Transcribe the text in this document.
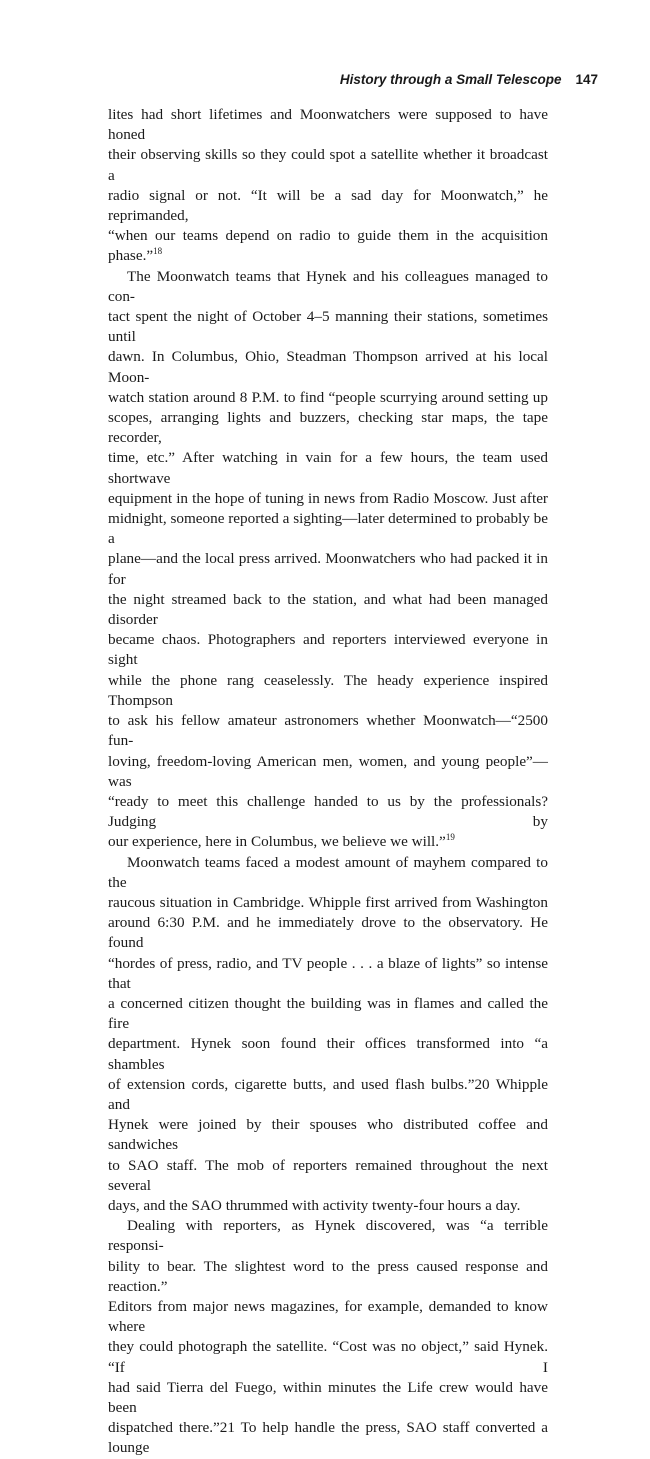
History through a Small Telescope 147

lites had short lifetimes and Moonwatchers were supposed to have honed
their observing skills so they could spot a satellite whether it broadcast a
radio signal or not. “It will be a sad day for Moonwatch,” he reprimanded,
“when our teams depend on radio to guide them in the acquisition phase.”$^{18}$

The Moonwatch teams that Hynek and his colleagues managed to con-
tact spent the night of October 4–5 manning their stations, sometimes until
dawn. In Columbus, Ohio, Steadman Thompson arrived at his local Moon-
watch station around 8 P.M. to find “people scurrying around setting up
scopes, arranging lights and buzzers, checking star maps, the tape recorder,
time, etc.” After watching in vain for a few hours, the team used shortwave
equipment in the hope of tuning in news from Radio Moscow. Just after
midnight, someone reported a sighting—later determined to probably be a
plane—and the local press arrived. Moonwatchers who had packed it in for
the night streamed back to the station, and what had been managed disorder
became chaos. Photographers and reporters interviewed everyone in sight
while the phone rang ceaselessly. The heady experience inspired Thompson
to ask his fellow amateur astronomers whether Moonwatch—“2500 fun-
loving, freedom-loving American men, women, and young people”—was
“ready to meet this challenge handed to us by the professionals? Judging by
our experience, here in Columbus, we believe we will.”$^{19}$

Moonwatch teams faced a modest amount of mayhem compared to the
raucous situation in Cambridge. Whipple first arrived from Washington
around 6:30 P.M. and he immediately drove to the observatory. He found
“hordes of press, radio, and TV people . . . a blaze of lights” so intense that
a concerned citizen thought the building was in flames and called the fire
department. Hynek soon found their offices transformed into “a shambles
of extension cords, cigarette butts, and used flash bulbs.”20 Whipple and
Hynek were joined by their spouses who distributed coffee and sandwiches
to SAO staff. The mob of reporters remained throughout the next several
days, and the SAO thrummed with activity twenty-four hours a day.

Dealing with reporters, as Hynek discovered, was “a terrible responsi-
bility to bear. The slightest word to the press caused response and reaction.”
Editors from major news magazines, for example, demanded to know where
they could photograph the satellite. “Cost was no object,” said Hynek. “If I
had said Tierra del Fuego, within minutes the Life crew would have been
dispatched there.”21 To help handle the press, SAO staff converted a lounge
